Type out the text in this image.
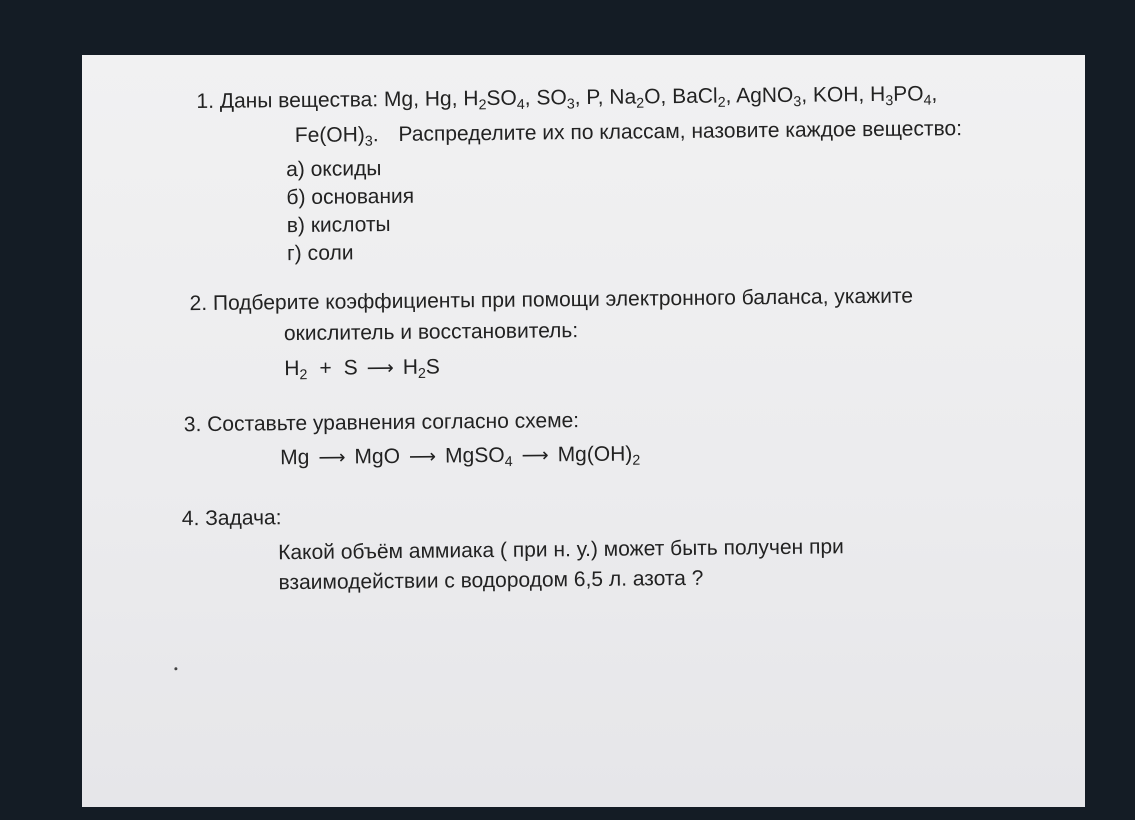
1. Даны вещества: Mg, Hg, $H_2SO_4$, $SO_3$, P, $Na_2O$, BaCl$_2$, AgNO$_3$, KOH, $H_3PO_4$,
$Fe(OH)_3$. Распределите их по классам, назовите каждое вещество:
а) оксиды
б) основания
в) кислоты
г) соли
2. Подберите коэффициенты при помощи электронного баланса, укажите
окислитель и восстановитель:
$H_2 + S$ ⟶ $H_2S$
3. Составьте уравнения согласно схеме:
Mg ⟶ MgO ⟶ MgSO$_4$ ⟶ $Mg(OH)_2$
4. Задача:
Какой объём аммиака ( при н. у.) может быть получен при
взаимодействии с водородом 6,5 л. азота ?
